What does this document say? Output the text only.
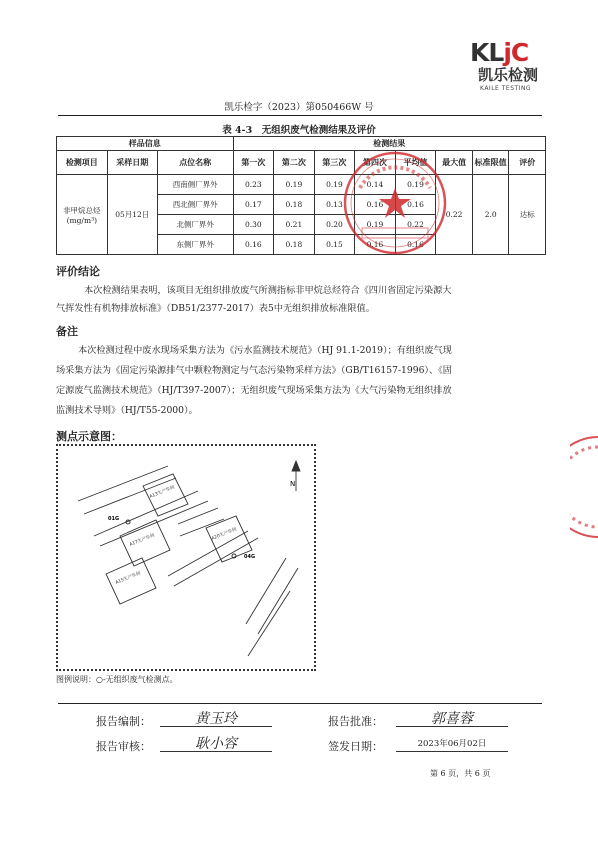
KLjC
凯乐检测
KAILE TESTING
凯乐检字（2023）第050466W 号
表 4-3　无组织废气检测结果及评价
样品信息			检测结果							
检测项目	采样日期	点位名称	第一次	第二次	第三次	第四次	平均值	最大值	标准限值	评价
非甲烷总烃(mg/m³)	05月12日	西南侧厂界外	0.23	0.19	0.19	0.14	0.19	0.22	2.0	达标
		西北侧厂界外	0.17	0.18	0.13	0.16	0.16			
		北侧厂界外	0.30	0.21	0.20	0.19	0.22			
		东侧厂界外	0.16	0.18	0.15	0.16	0.16			
评价结论
本次检测结果表明，该项目无组织排放废气所测指标非甲烷总烃符合《四川省固定污染源大
气挥发性有机物排放标准》（DB51/2377-2017）表5中无组织排放标准限值。
备注
本次检测过程中废水现场采集方法为《污水监测技术规范》（HJ 91.1-2019）；有组织废气现
场采集方法为《固定污染源排气中颗粒物测定与气态污染物采样方法》（GB/T16157-1996）、《固
定源废气监测技术规范》（HJ/T397-2007）；无组织废气现场采集方法为《大气污染物无组织排放
监测技术导则》（HJ/T55-2000）。
测点示意图：
N
A13生产车间
A17生产车间	A20生产车间
A15生产车间
01G
04G
图例说明：○-无组织废气检测点。
报告编制：	黄玉玲	报告批准：	郭喜蓉
报告审核：	耿小容	签发日期：	2023年06月02日
第 6 页，共 6 页
